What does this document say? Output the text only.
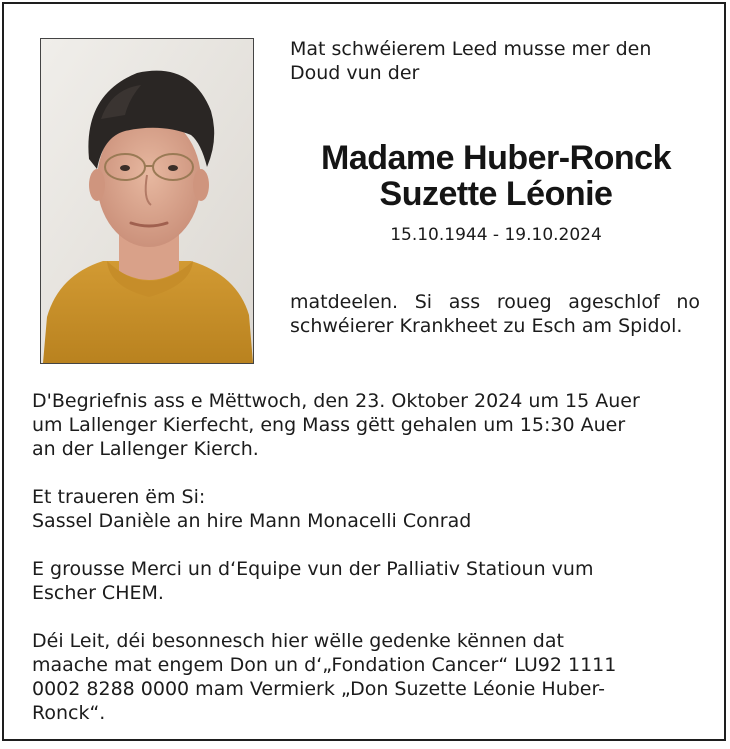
Mat schwéierem Leed musse mer den Doud vun der

Madame Huber-Ronck
Suzette Léonie
15.10.1944 - 19.10.2024

matdeelen. Si ass roueg ageschlof no schwéierer Krankheet zu Esch am Spidol.

D'Begriefnis ass e Mëttwoch, den 23. Oktober 2024 um 15 Auer
um Lallenger Kierfecht, eng Mass gëtt gehalen um 15:30 Auer
an der Lallenger Kierch.

Et traueren ëm Si:
Sassel Danièle an hire Mann Monacelli Conrad

E grousse Merci un d‘Equipe vun der Palliativ Statioun vum
Escher CHEM.

Déi Leit, déi besonnesch hier wëlle gedenke kënnen dat
maache mat engem Don un d‘„Fondation Cancer“ LU92 1111
0002 8288 0000 mam Vermierk „Don Suzette Léonie Huber-
Ronck“.
